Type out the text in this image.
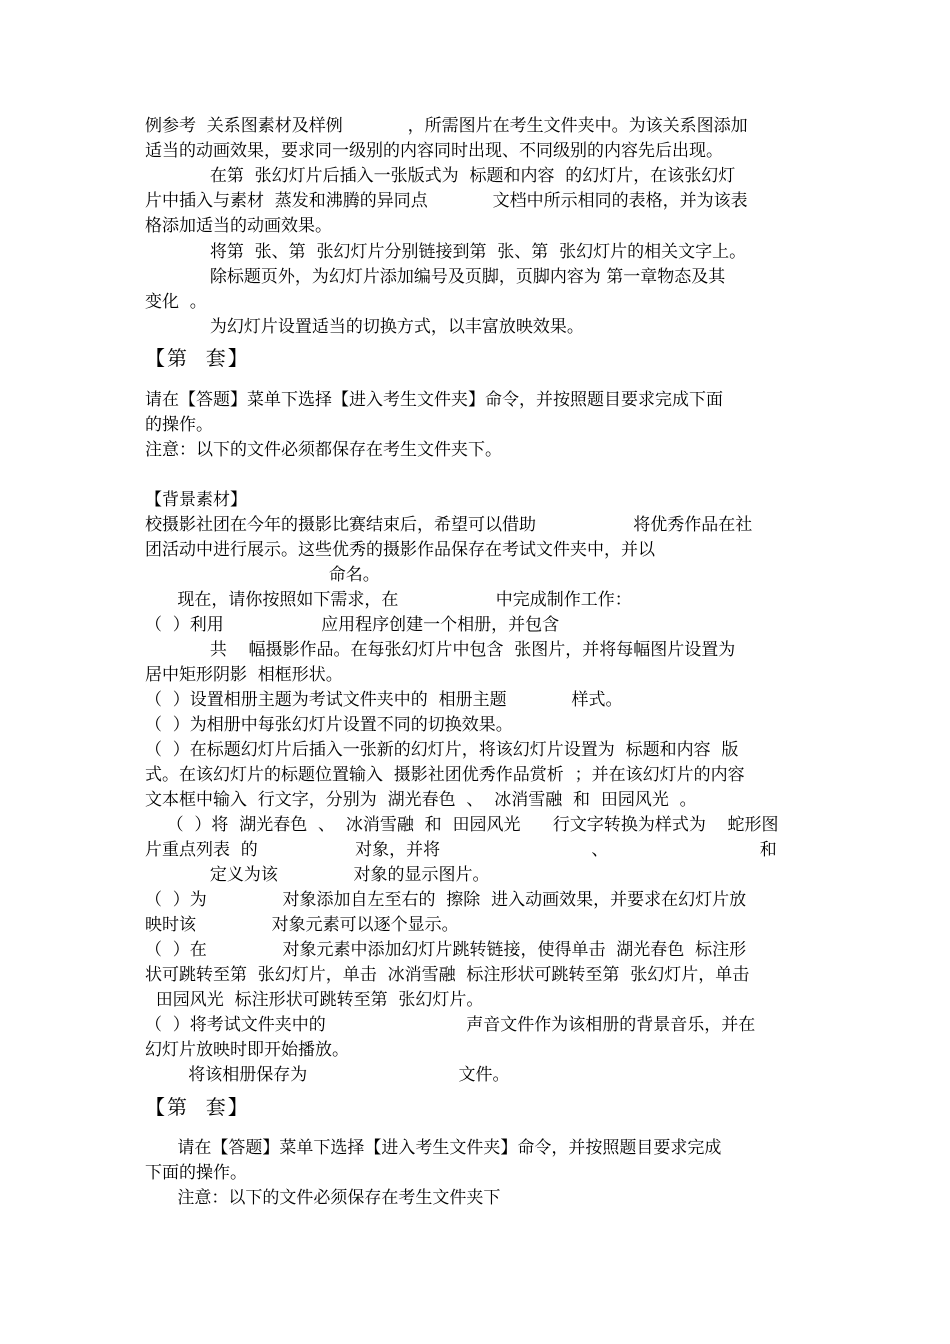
例参考  关系图素材及样例            ，所需图片在考生文件夹中。为该关系图添加
适当的动画效果，要求同一级别的内容同时出现、不同级别的内容先后出现。
在第  张幻灯片后插入一张版式为  标题和内容  的幻灯片，在该张幻灯
片中插入与素材  蒸发和沸腾的异同点            文档中所示相同的表格，并为该表
格添加适当的动画效果。
将第  张、第  张幻灯片分别链接到第  张、第  张幻灯片的相关文字上。
除标题页外，为幻灯片添加编号及页脚，页脚内容为 第一章物态及其
变化  。
为幻灯片设置适当的切换方式，以丰富放映效果。
【第  套】
请在【答题】菜单下选择【进入考生文件夹】命令，并按照题目要求完成下面
的操作。
注意：以下的文件必须都保存在考生文件夹下。
【背景素材】
校摄影社团在今年的摄影比赛结束后，希望可以借助                  将优秀作品在社
团活动中进行展示。这些优秀的摄影作品保存在考试文件夹中，并以
命名。
现在，请你按照如下需求，在                  中完成制作工作：
（  ）利用                  应用程序创建一个相册，并包含
共    幅摄影作品。在每张幻灯片中包含  张图片，并将每幅图片设置为
居中矩形阴影  相框形状。
（  ）设置相册主题为考试文件夹中的  相册主题            样式。
（  ）为相册中每张幻灯片设置不同的切换效果。
（  ）在标题幻灯片后插入一张新的幻灯片，将该幻灯片设置为  标题和内容  版
式。在该幻灯片的标题位置输入  摄影社团优秀作品赏析  ；并在该幻灯片的内容
文本框中输入  行文字，分别为  湖光春色  、  冰消雪融  和  田园风光  。
（  ）将  湖光春色  、  冰消雪融  和  田园风光      行文字转换为样式为    蛇形图
片重点列表  的                  对象，并将                            、                            和
定义为该              对象的显示图片。
（  ）为              对象添加自左至右的  擦除  进入动画效果，并要求在幻灯片放
映时该              对象元素可以逐个显示。
（  ）在              对象元素中添加幻灯片跳转链接，使得单击  湖光春色  标注形
状可跳转至第  张幻灯片，单击  冰消雪融  标注形状可跳转至第  张幻灯片，单击
田园风光  标注形状可跳转至第  张幻灯片。
（  ）将考试文件夹中的                          声音文件作为该相册的背景音乐，并在
幻灯片放映时即开始播放。
将该相册保存为                            文件。
【第  套】
请在【答题】菜单下选择【进入考生文件夹】命令，并按照题目要求完成
下面的操作。
注意：以下的文件必须保存在考生文件夹下
